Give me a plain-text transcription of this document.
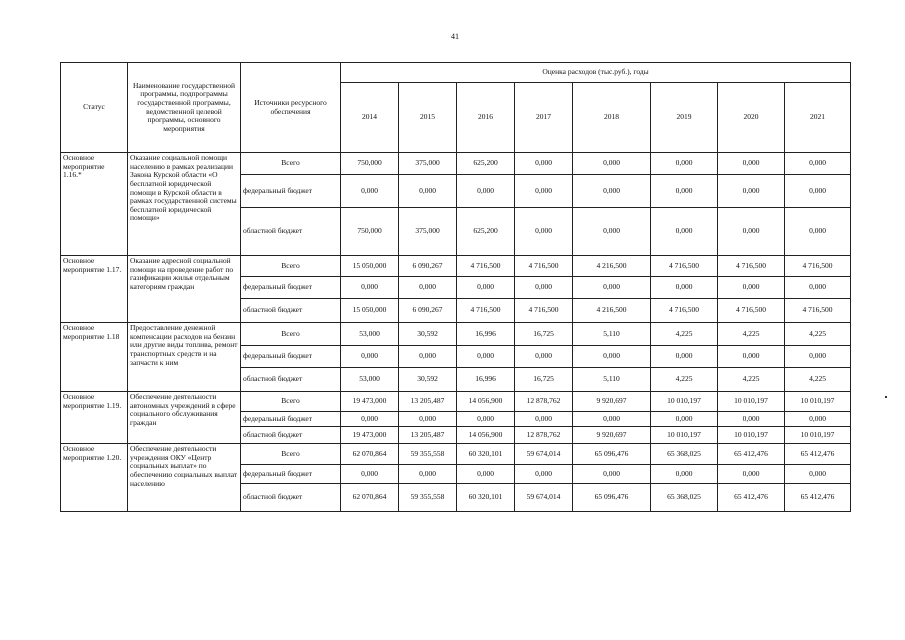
41
Статус	Наименование государственной программы, подпрограммы государственной программы, ведомственной целевой программы, основного мероприятия	Источники ресурсного обеспечения	Оценка расходов (тыс.руб.), годы							
			2014	2015	2016	2017	2018	2019	2020	2021
Основное мероприятие 1.16.*	Оказание социальной помощи населению в рамках реализации Закона Курской области «О бесплатной юридической помощи в Курской области в рамках государственной системы бесплатной юридической помощи»	Всего	750,000	375,000	625,200	0,000	0,000	0,000	0,000	0,000
		федеральный бюджет	0,000	0,000	0,000	0,000	0,000	0,000	0,000	0,000
		областной бюджет	750,000	375,000	625,200	0,000	0,000	0,000	0,000	0,000
Основное мероприятие 1.17.	Оказание адресной социальной помощи на проведение работ по газификации жилья отдельным категориям граждан	Всего	15 050,000	6 090,267	4 716,500	4 716,500	4 216,500	4 716,500	4 716,500	4 716,500
		федеральный бюджет	0,000	0,000	0,000	0,000	0,000	0,000	0,000	0,000
		областной бюджет	15 050,000	6 090,267	4 716,500	4 716,500	4 216,500	4 716,500	4 716,500	4 716,500
Основное мероприятие 1.18	Предоставление денежной компенсации расходов на бензин или другие виды топлива, ремонт транспортных средств и на запчасти к ним	Всего	53,000	30,592	16,996	16,725	5,110	4,225	4,225	4,225
		федеральный бюджет	0,000	0,000	0,000	0,000	0,000	0,000	0,000	0,000
		областной бюджет	53,000	30,592	16,996	16,725	5,110	4,225	4,225	4,225
Основное мероприятие 1.19.	Обеспечение деятельности автономных учреждений в сфере социального обслуживания граждан	Всего	19 473,000	13 205,487	14 056,900	12 878,762	9 920,697	10 010,197	10 010,197	10 010,197
		федеральный бюджет	0,000	0,000	0,000	0,000	0,000	0,000	0,000	0,000
		областной бюджет	19 473,000	13 205,487	14 056,900	12 878,762	9 920,697	10 010,197	10 010,197	10 010,197
Основное мероприятие 1.20.	Обеспечение деятельности учреждения ОКУ «Центр социальных выплат» по обеспечению социальных выплат населению	Всего	62 070,864	59 355,558	60 320,101	59 674,014	65 096,476	65 368,025	65 412,476	65 412,476
		федеральный бюджет	0,000	0,000	0,000	0,000	0,000	0,000	0,000	0,000
		областной бюджет	62 070,864	59 355,558	60 320,101	59 674,014	65 096,476	65 368,025	65 412,476	65 412,476
